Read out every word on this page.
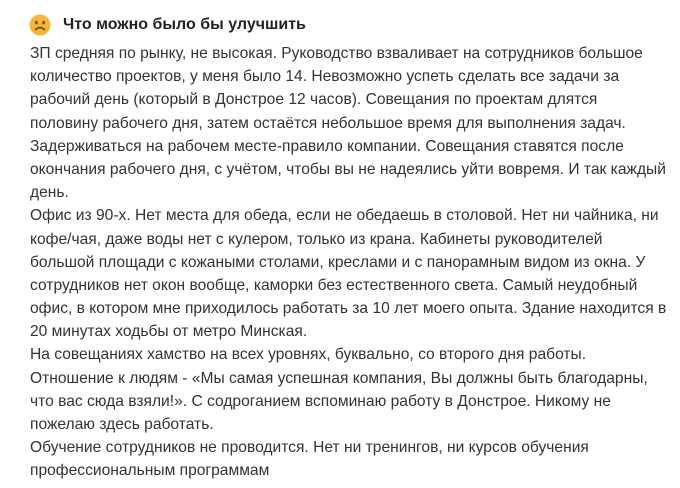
Что можно было бы улучшить
ЗП средняя по рынку, не высокая. Руководство взваливает на сотрудников большое
количество проектов, у меня было 14. Невозможно успеть сделать все задачи за
рабочий день (который в Донстрое 12 часов). Совещания по проектам длятся
половину рабочего дня, затем остаётся небольшое время для выполнения задач.
Задерживаться на рабочем месте-правило компании. Совещания ставятся после
окончания рабочего дня, с учётом, чтобы вы не надеялись уйти вовремя. И так каждый
день.
Офис из 90-х. Нет места для обеда, если не обедаешь в столовой. Нет ни чайника, ни
кофе/чая, даже воды нет с кулером, только из крана. Кабинеты руководителей
большой площади с кожаными столами, креслами и с панорамным видом из окна. У
сотрудников нет окон вообще, каморки без естественного света. Самый неудобный
офис, в котором мне приходилось работать за 10 лет моего опыта. Здание находится в
20 минутах ходьбы от метро Минская.
На совещаниях хамство на всех уровнях, буквально, со второго дня работы.
Отношение к людям - «Мы самая успешная компания, Вы должны быть благодарны,
что вас сюда взяли!». С содроганием вспоминаю работу в Донстрое. Никому не
пожелаю здесь работать.
Обучение сотрудников не проводится. Нет ни тренингов, ни курсов обучения
профессиональным программам
